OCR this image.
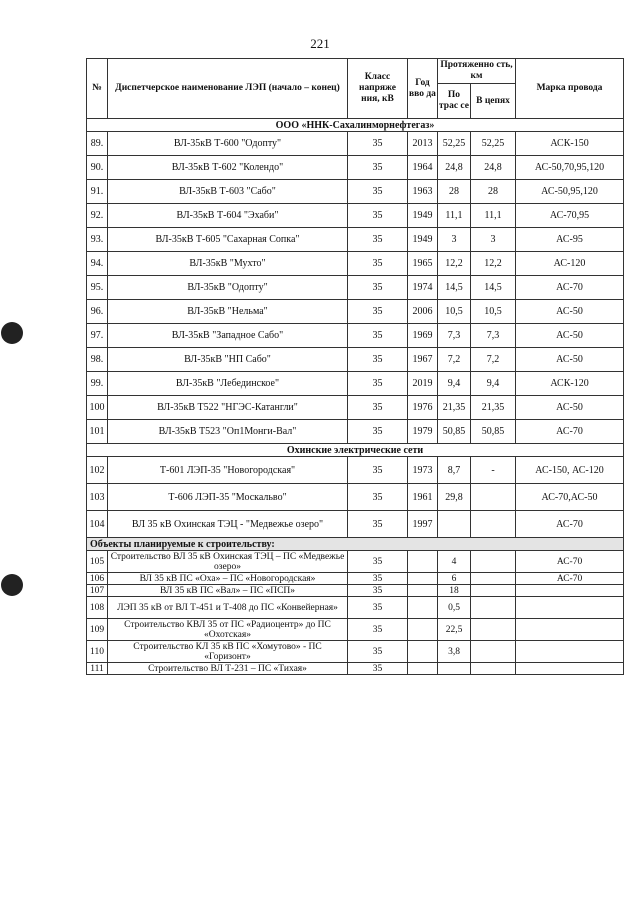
221
№	Диспетчерское наименование ЛЭП (начало – конец)	Класс напряже ния, кВ	Год вво да	Протяженно сть, км		Марка провода
				По трас се	В цепях	
ООО «ННК-Сахалинморнефтегаз»						
89.	ВЛ-35кВ Т-600 "Одопту"	35	2013	52,25	52,25	АСК-150
90.	ВЛ-35кВ Т-602 "Колендо"	35	1964	24,8	24,8	АС-50,70,95,120
91.	ВЛ-35кВ Т-603 "Сабо"	35	1963	28	28	АС-50,95,120
92.	ВЛ-35кВ Т-604 "Эхаби"	35	1949	11,1	11,1	АС-70,95
93.	ВЛ-35кВ Т-605 "Сахарная Сопка"	35	1949	3	3	АС-95
94.	ВЛ-35кВ "Мухто"	35	1965	12,2	12,2	АС-120
95.	ВЛ-35кВ "Одопту"	35	1974	14,5	14,5	АС-70
96.	ВЛ-35кВ "Нельма"	35	2006	10,5	10,5	АС-50
97.	ВЛ-35кВ "Западное Сабо"	35	1969	7,3	7,3	АС-50
98.	ВЛ-35кВ "НП Сабо"	35	1967	7,2	7,2	АС-50
99.	ВЛ-35кВ "Лебединское"	35	2019	9,4	9,4	АСК-120
100	ВЛ-35кВ Т522 "НГЭС-Катангли"	35	1976	21,35	21,35	АС-50
101	ВЛ-35кВ Т523 "Оп1Монги-Вал"	35	1979	50,85	50,85	АС-70
Охинские электрические сети						
102	Т-601 ЛЭП-35 "Новогородская"	35	1973	8,7	-	АС-150, АС-120
103	Т-606 ЛЭП-35 "Москальво"	35	1961	29,8		АС-70,АС-50
104	ВЛ 35 кВ Охинская ТЭЦ - "Медвежье озеро"	35	1997			АС-70
Объекты планируемые к строительству:						
105	Строительство ВЛ 35 кВ Охинская ТЭЦ – ПС «Медвежье озеро»	35		4		АС-70
106	ВЛ 35 кВ ПС «Оха» – ПС «Новогородская»	35		6		АС-70
107	ВЛ 35 кВ ПС «Вал» – ПС «ПСП»	35		18		
108	ЛЭП 35 кВ от ВЛ Т-451 и Т-408 до ПС «Конвейерная»	35		0,5		
109	Строительство КВЛ 35 от ПС «Радиоцентр» до ПС «Охотская»	35		22,5		
110	Строительство КЛ 35 кВ ПС «Хомутово» - ПС «Горизонт»	35		3,8		
111	Строительство ВЛ Т-231 – ПС «Тихая»	35				
